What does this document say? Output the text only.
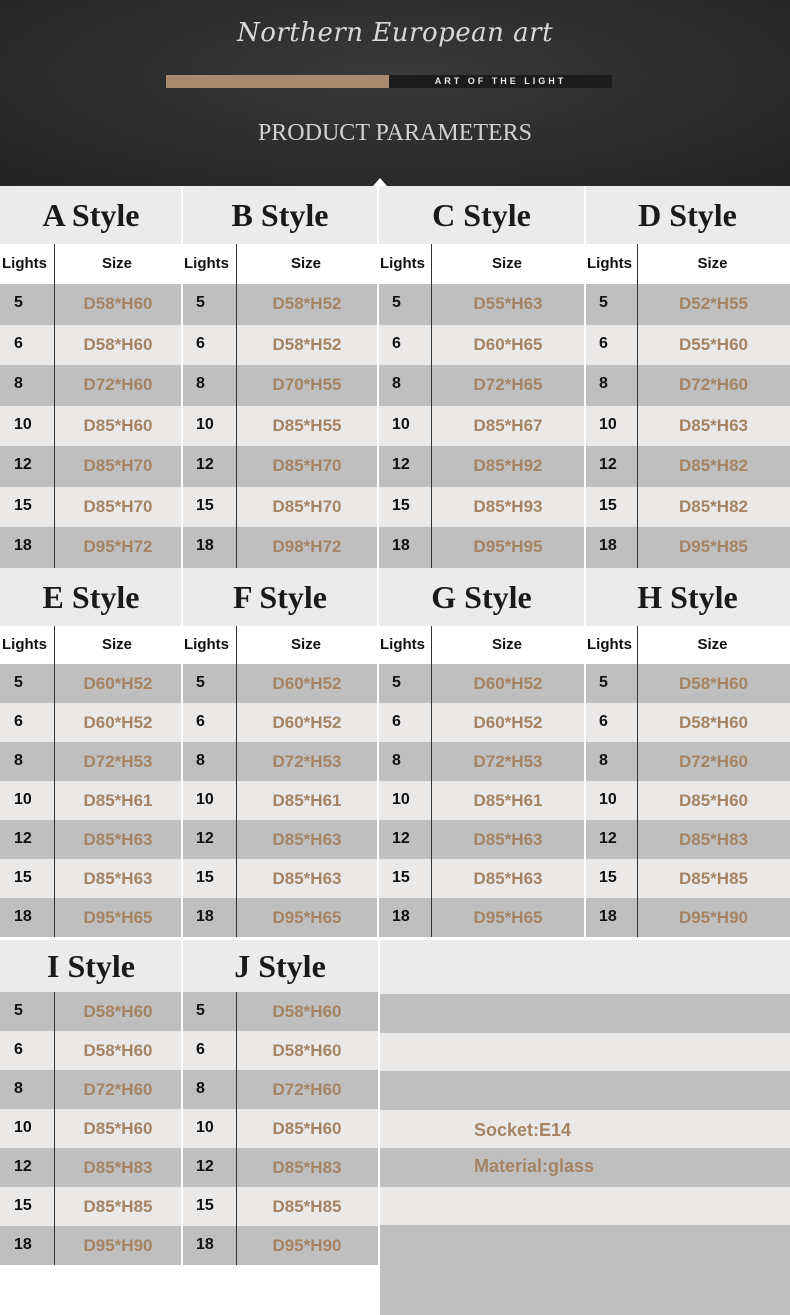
Northern European art
ART OF THE LIGHT
PRODUCT PARAMETERS
Socket:E14
Material:glass
A Style
Lights	Size
5	D58*H60
6	D58*H60
8	D72*H60
10	D85*H60
12	D85*H70
15	D85*H70
18	D95*H72
B Style
Lights	Size
5	D58*H52
6	D58*H52
8	D70*H55
10	D85*H55
12	D85*H70
15	D85*H70
18	D98*H72
C Style
Lights	Size
5	D55*H63
6	D60*H65
8	D72*H65
10	D85*H67
12	D85*H92
15	D85*H93
18	D95*H95
D Style
Lights	Size
5	D52*H55
6	D55*H60
8	D72*H60
10	D85*H63
12	D85*H82
15	D85*H82
18	D95*H85
E Style
Lights	Size
5	D60*H52
6	D60*H52
8	D72*H53
10	D85*H61
12	D85*H63
15	D85*H63
18	D95*H65
F Style
Lights	Size
5	D60*H52
6	D60*H52
8	D72*H53
10	D85*H61
12	D85*H63
15	D85*H63
18	D95*H65
G Style
Lights	Size
5	D60*H52
6	D60*H52
8	D72*H53
10	D85*H61
12	D85*H63
15	D85*H63
18	D95*H65
H Style
Lights	Size
5	D58*H60
6	D58*H60
8	D72*H60
10	D85*H60
12	D85*H83
15	D85*H85
18	D95*H90
I Style
5	D58*H60
6	D58*H60
8	D72*H60
10	D85*H60
12	D85*H83
15	D85*H85
18	D95*H90
J Style
5	D58*H60
6	D58*H60
8	D72*H60
10	D85*H60
12	D85*H83
15	D85*H85
18	D95*H90
